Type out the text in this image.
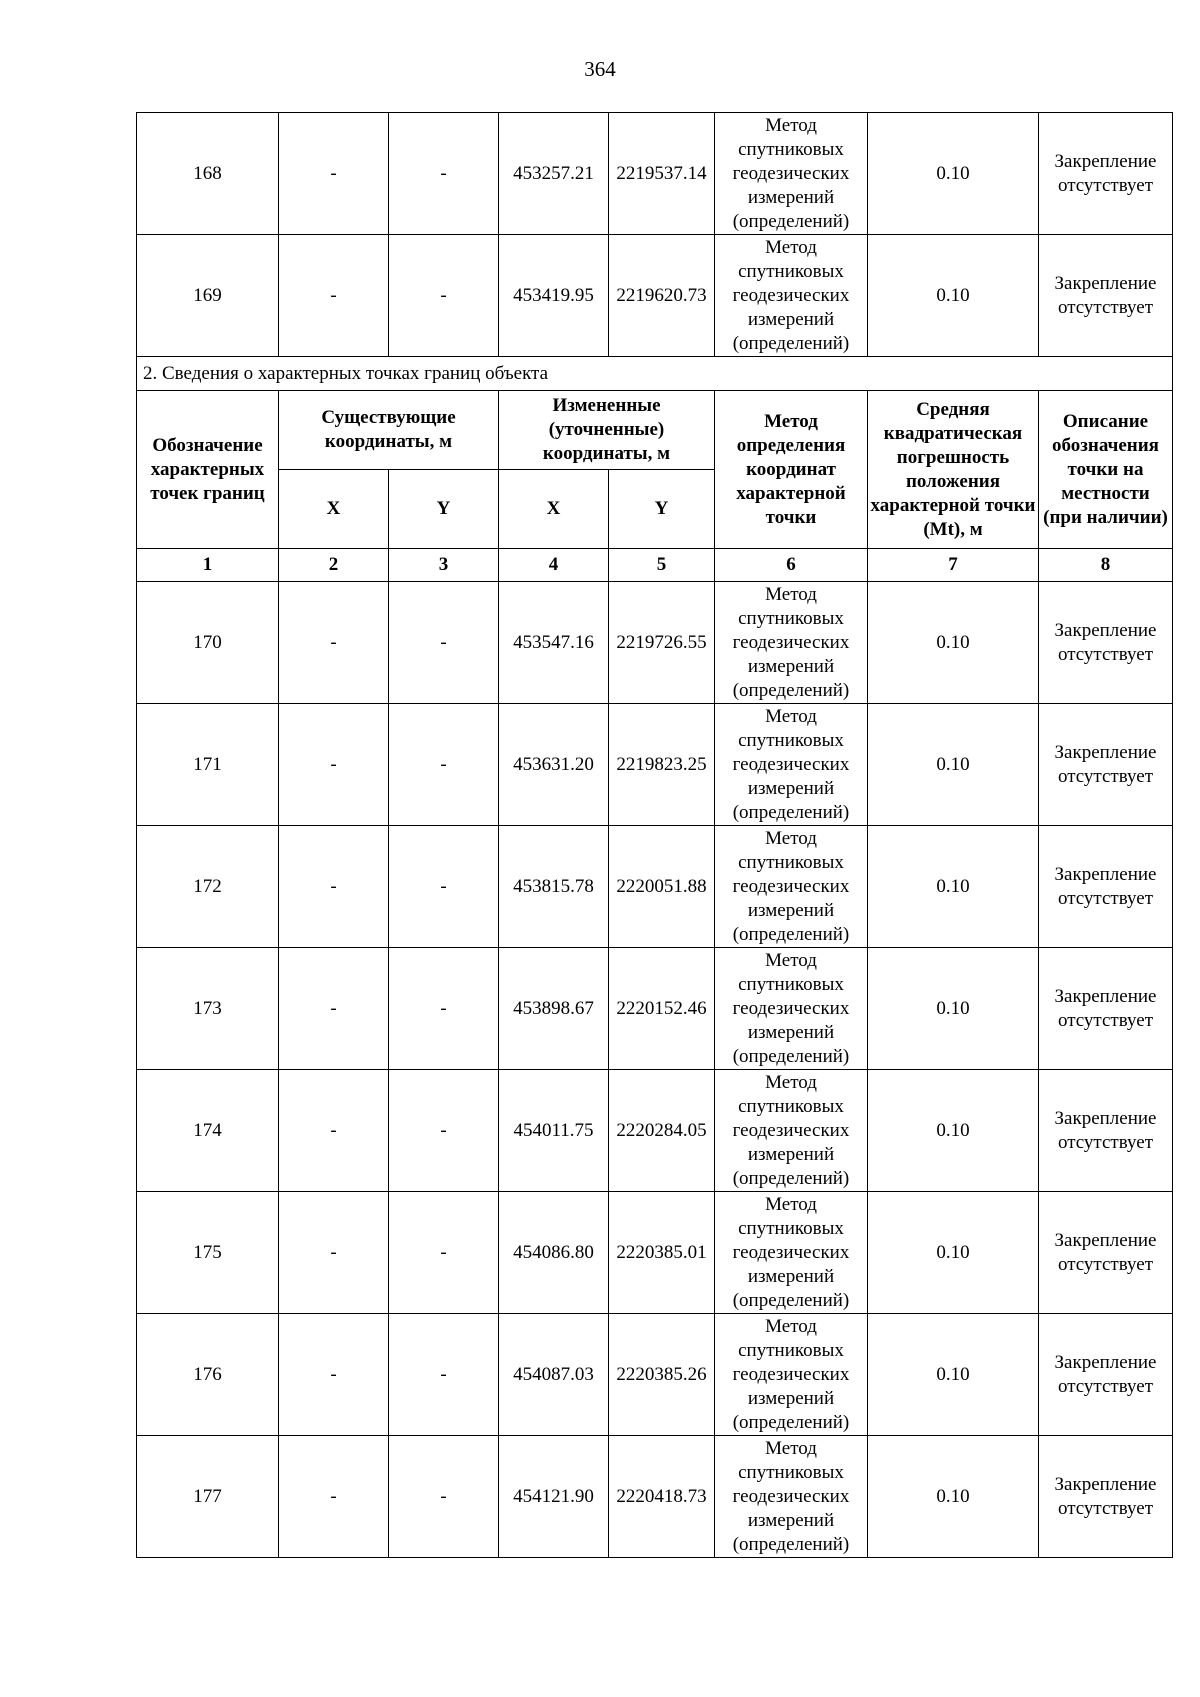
364
168	-	-	453257.21	2219537.14	Метод спутниковых геодезических измерений (определений)	0.10	Закрепление отсутствует
169	-	-	453419.95	2219620.73	Метод спутниковых геодезических измерений (определений)	0.10	Закрепление отсутствует
2. Сведения о характерных точках границ объекта							
Обозначение характерных точек границ	Существующие координаты, м		Измененные (уточненные) координаты, м		Метод определения координат характерной точки	Средняя квадратическая погрешность положения характерной точки (Mt), м	Описание обозначения точки на местности (при наличии)
	X	Y	X	Y			
1	2	3	4	5	6	7	8
170	-	-	453547.16	2219726.55	Метод спутниковых геодезических измерений (определений)	0.10	Закрепление отсутствует
171	-	-	453631.20	2219823.25	Метод спутниковых геодезических измерений (определений)	0.10	Закрепление отсутствует
172	-	-	453815.78	2220051.88	Метод спутниковых геодезических измерений (определений)	0.10	Закрепление отсутствует
173	-	-	453898.67	2220152.46	Метод спутниковых геодезических измерений (определений)	0.10	Закрепление отсутствует
174	-	-	454011.75	2220284.05	Метод спутниковых геодезических измерений (определений)	0.10	Закрепление отсутствует
175	-	-	454086.80	2220385.01	Метод спутниковых геодезических измерений (определений)	0.10	Закрепление отсутствует
176	-	-	454087.03	2220385.26	Метод спутниковых геодезических измерений (определений)	0.10	Закрепление отсутствует
177	-	-	454121.90	2220418.73	Метод спутниковых геодезических измерений (определений)	0.10	Закрепление отсутствует
